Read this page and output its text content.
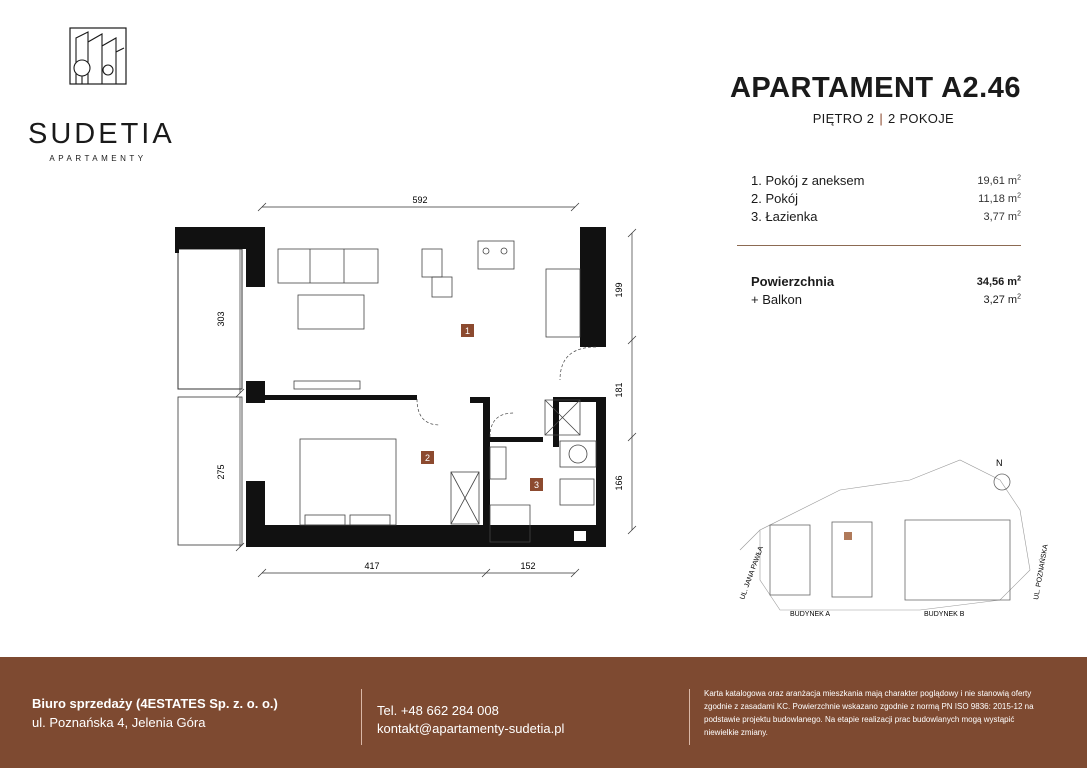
SUDETIA
APARTAMENTY
APARTAMENT A2.46
PIĘTRO 2 | 2 POKOJE
1. Pokój z aneksem	19,61 $m^2$
2. Pokój	11,18 $m^2$
3. Łazienka	3,77 $m^2$
Powierzchnia	34,56 $m^2$
+ Balkon	3,27 $m^2$
592
303
275
199
181
166
417	152
1
2
3
N
UL. JANA PAWŁA	UL. POZNAŃSKA
BUDYNEK A	BUDYNEK B
Biuro sprzedaży (4ESTATES Sp. z. o. o.)
ul. Poznańska 4, Jelenia Góra
Tel. +48 662 284 008
kontakt@apartamenty-sudetia.pl
Karta katalogowa oraz aranżacja mieszkania mają charakter poglądowy i nie stanowią oferty zgodnie z zasadami KC. Powierzchnie wskazano zgodnie z normą PN ISO 9836: 2015-12 na podstawie projektu budowlanego. Na etapie realizacji prac budowlanych mogą wystąpić niewielkie zmiany.
